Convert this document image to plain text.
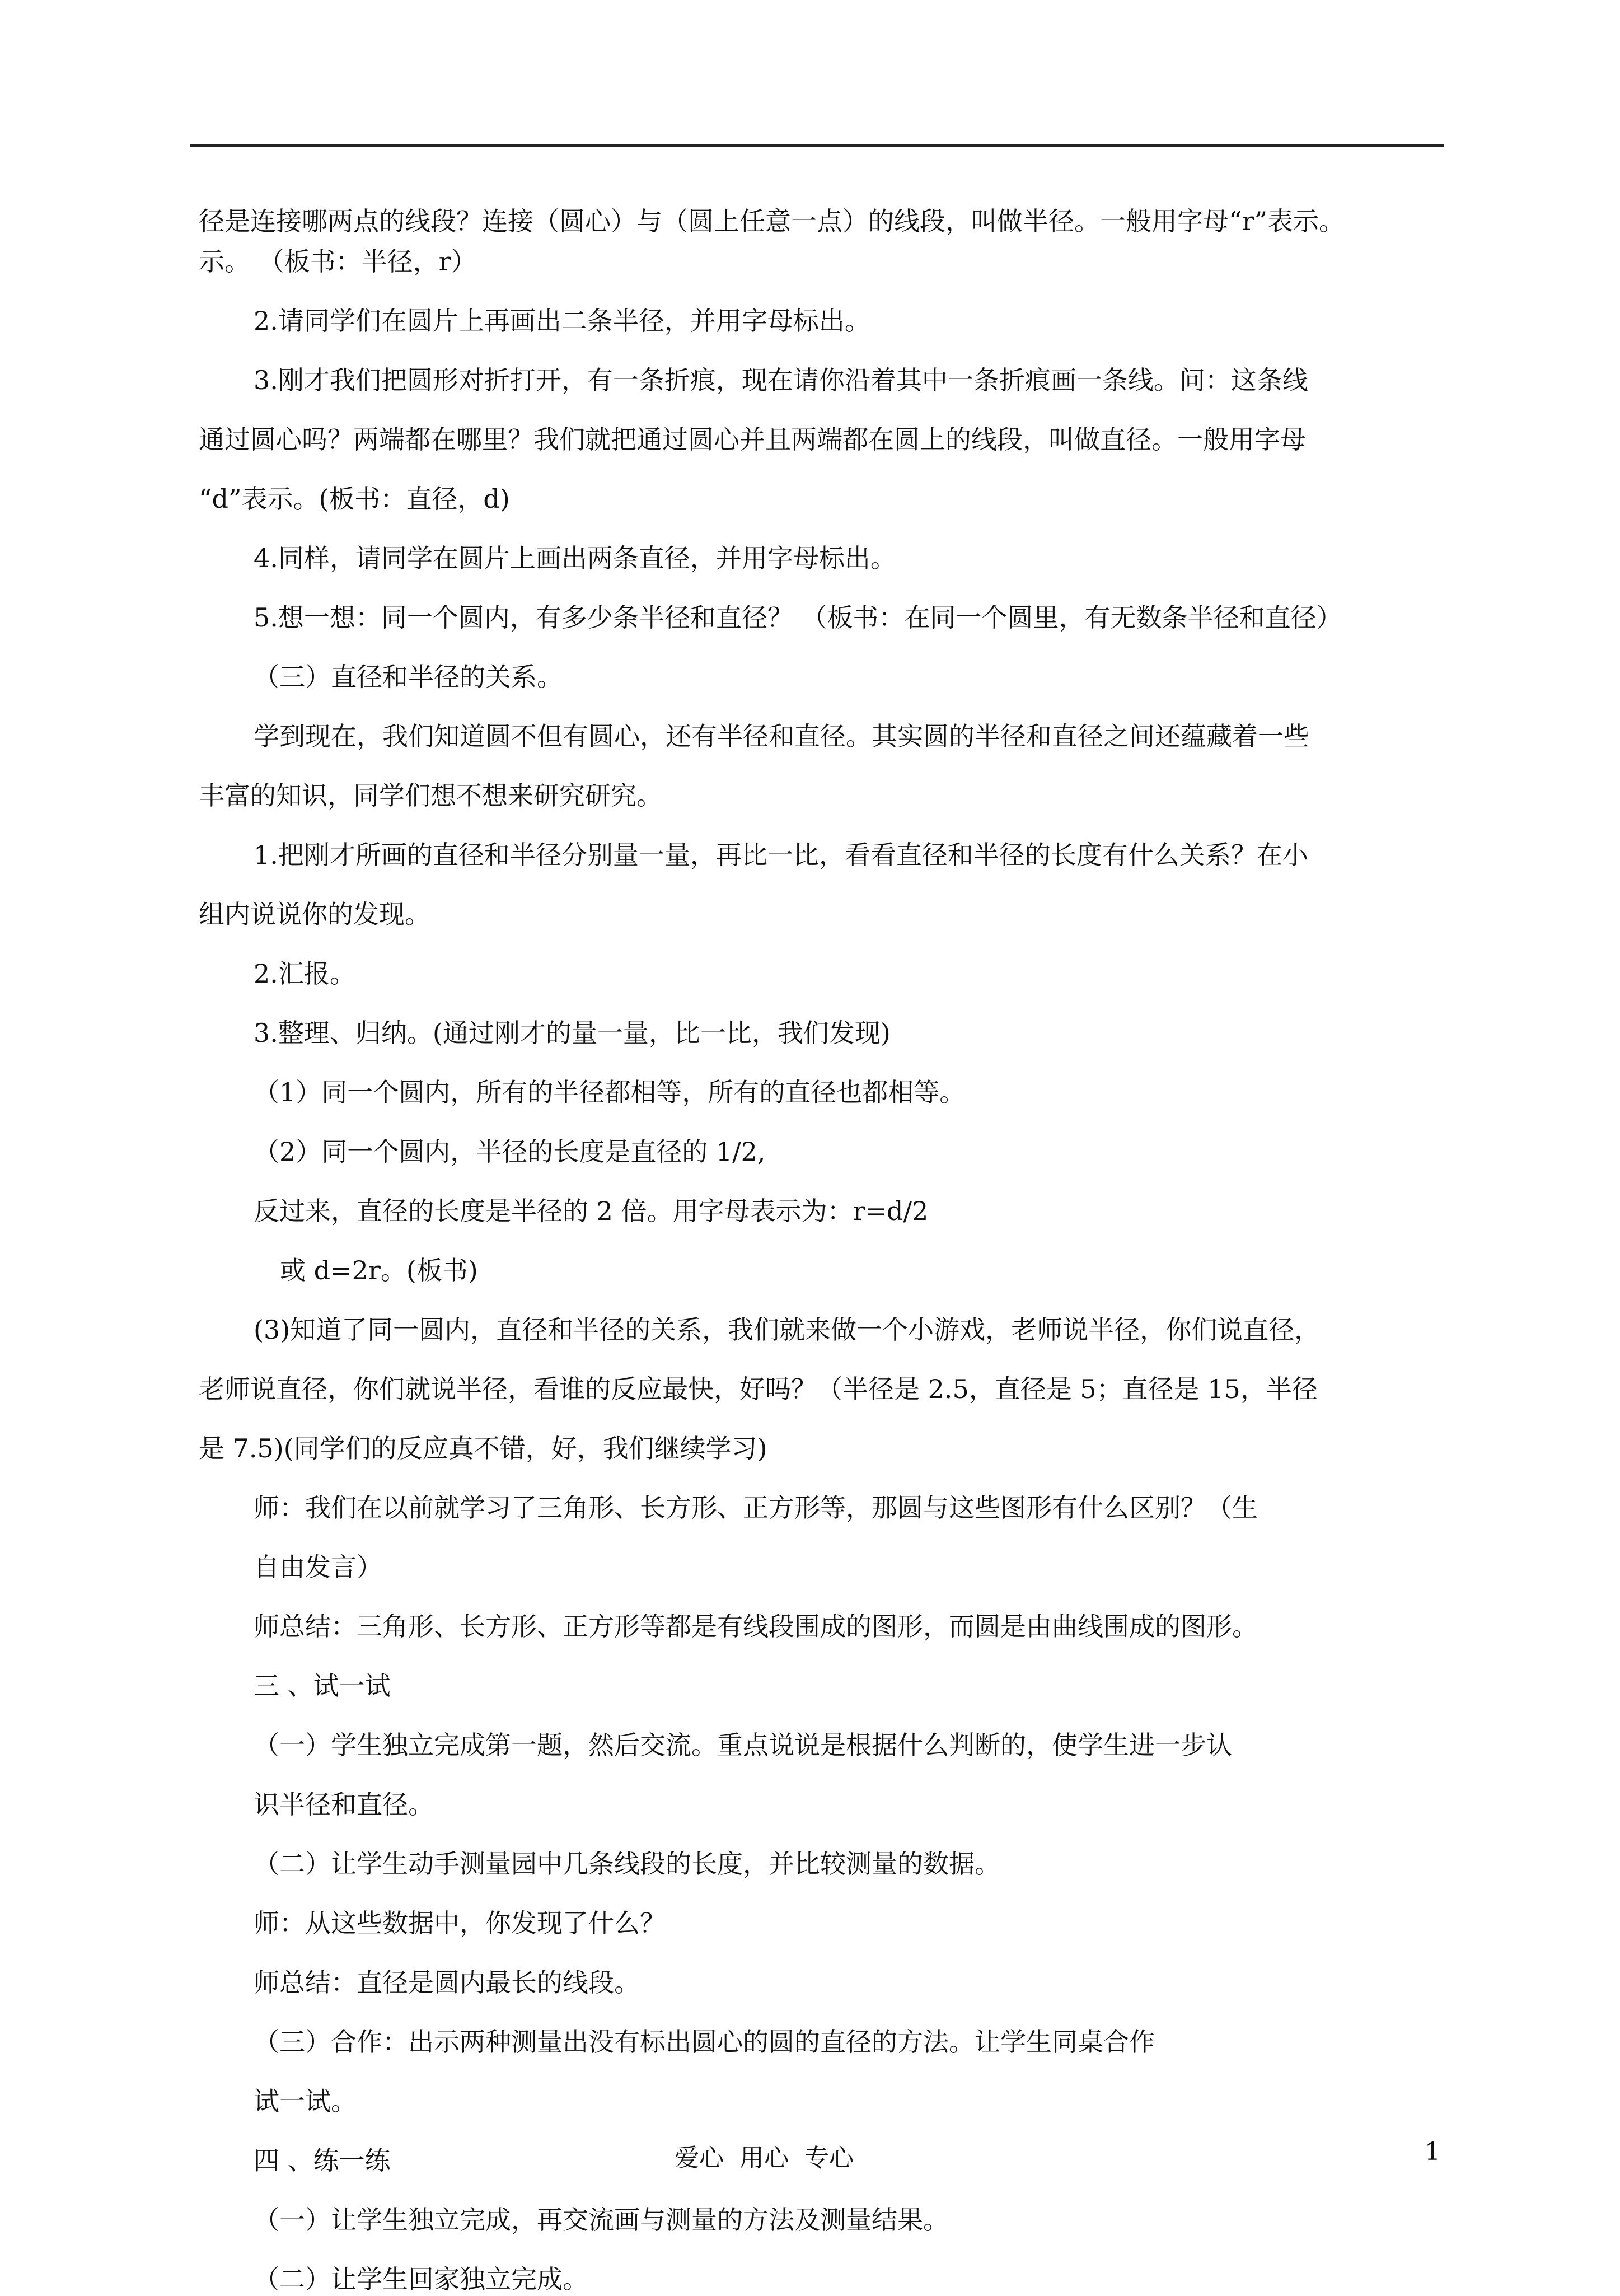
径是连接哪两点的线段？连接（圆心）与（圆上任意一点）的线段，叫做半径。一般用字母“r”表示。
示。 （板书：半径，r）
2.请同学们在圆片上再画出二条半径，并用字母标出。
3.刚才我们把圆形对折打开，有一条折痕，现在请你沿着其中一条折痕画一条线。问：这条线
通过圆心吗？两端都在哪里？我们就把通过圆心并且两端都在圆上的线段，叫做直径。一般用字母
“d”表示。(板书：直径，d)
4.同样，请同学在圆片上画出两条直径，并用字母标出。
5.想一想：同一个圆内，有多少条半径和直径？ （板书：在同一个圆里，有无数条半径和直径）
（三）直径和半径的关系。
学到现在，我们知道圆不但有圆心，还有半径和直径。其实圆的半径和直径之间还蕴藏着一些
丰富的知识，同学们想不想来研究研究。
1.把刚才所画的直径和半径分别量一量，再比一比，看看直径和半径的长度有什么关系？在小
组内说说你的发现。
2.汇报。
3.整理、归纳。(通过刚才的量一量，比一比，我们发现)
（1）同一个圆内，所有的半径都相等，所有的直径也都相等。
（2）同一个圆内，半径的长度是直径的 1/2,
反过来，直径的长度是半径的 2 倍。用字母表示为：r=d/2
或 d=2r。(板书)
(3)知道了同一圆内，直径和半径的关系，我们就来做一个小游戏，老师说半径，你们说直径，
老师说直径，你们就说半径，看谁的反应最快，好吗？（半径是 2.5，直径是 5；直径是 15，半径
是 7.5)(同学们的反应真不错，好，我们继续学习)
师：我们在以前就学习了三角形、长方形、正方形等，那圆与这些图形有什么区别？（生
自由发言）
师总结：三角形、长方形、正方形等都是有线段围成的图形，而圆是由曲线围成的图形。
三 、试一试
（一）学生独立完成第一题，然后交流。重点说说是根据什么判断的，使学生进一步认
识半径和直径。
（二）让学生动手测量园中几条线段的长度，并比较测量的数据。
师：从这些数据中，你发现了什么？
师总结：直径是圆内最长的线段。
（三）合作：出示两种测量出没有标出圆心的圆的直径的方法。让学生同桌合作
试一试。
四 、练一练
（一）让学生独立完成，再交流画与测量的方法及测量结果。
（二）让学生回家独立完成。
爱心  用心  专心	1
